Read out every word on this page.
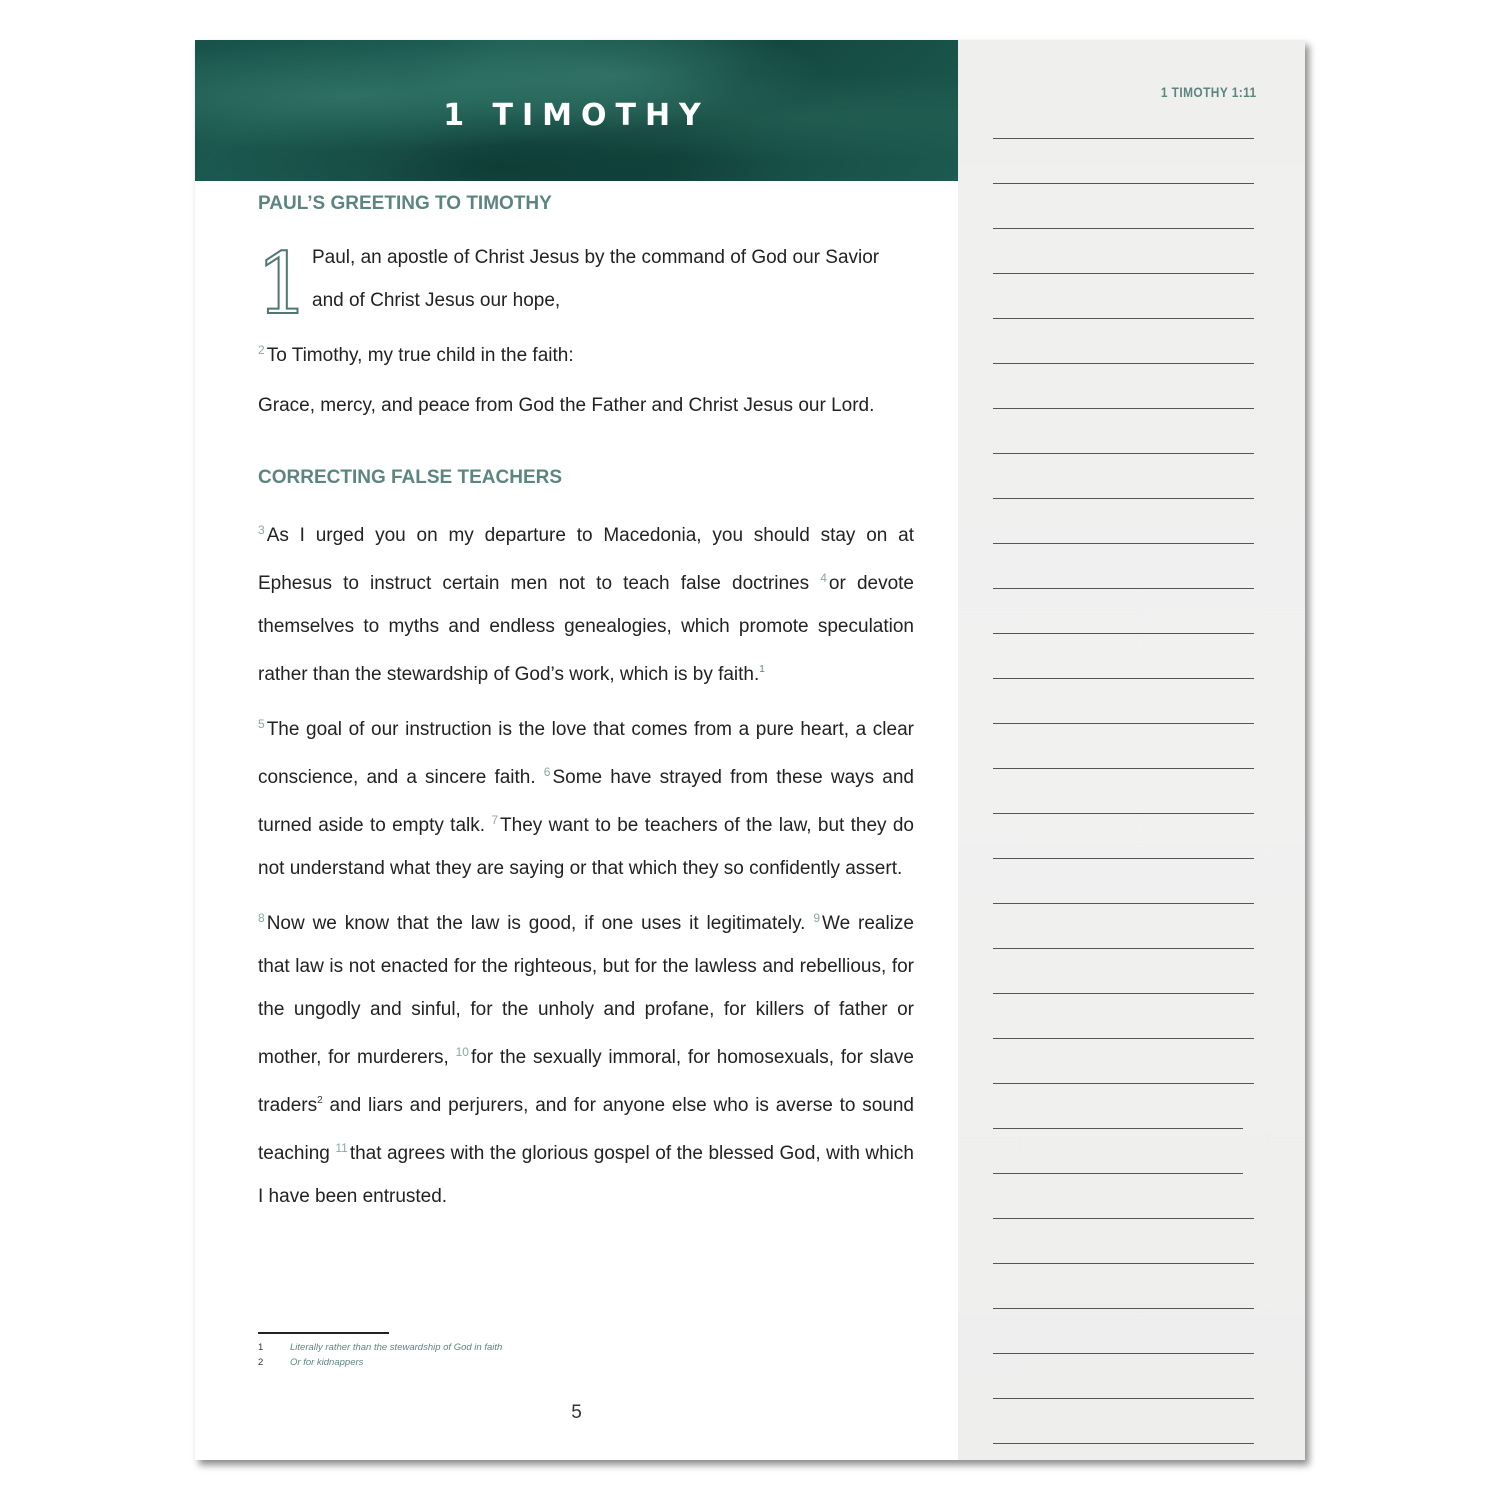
1 TIMOTHY
1 TIMOTHY 1:11
PAUL’S GREETING TO TIMOTHY
1 Paul, an apostle of Christ Jesus by the command of God our Savior and of Christ Jesus our hope,

$^2$ To Timothy, my true child in the faith:

Grace, mercy, and peace from God the Father and Christ Jesus our Lord.

CORRECTING FALSE TEACHERS

$^3$ As I urged you on my departure to Macedonia, you should stay on at Ephesus to instruct certain men not to teach false doctrines $^4$ or devote themselves to myths and endless genealogies, which promote speculation rather than the stewardship of God’s work, which is by faith.$^1$

$^5$ The goal of our instruction is the love that comes from a pure heart, a clear conscience, and a sincere faith. $^6$ Some have strayed from these ways and turned aside to empty talk. $^7$ They want to be teachers of the law, but they do not understand what they are saying or that which they so confidently assert.

$^8$ Now we know that the law is good, if one uses it legitimately. $^9$ We realize that law is not enacted for the righteous, but for the lawless and rebellious, for the ungodly and sinful, for the unholy and profane, for killers of father or mother, for murderers, $^{10}$ for the sexually immoral, for homosexuals, for slave traders$^2$ and liars and perjurers, and for anyone else who is averse to sound teaching $^{11}$ that agrees with the glorious gospel of the blessed God, with which I have been entrusted.

1	Literally rather than the stewardship of God in faith
2	Or for kidnappers
5
